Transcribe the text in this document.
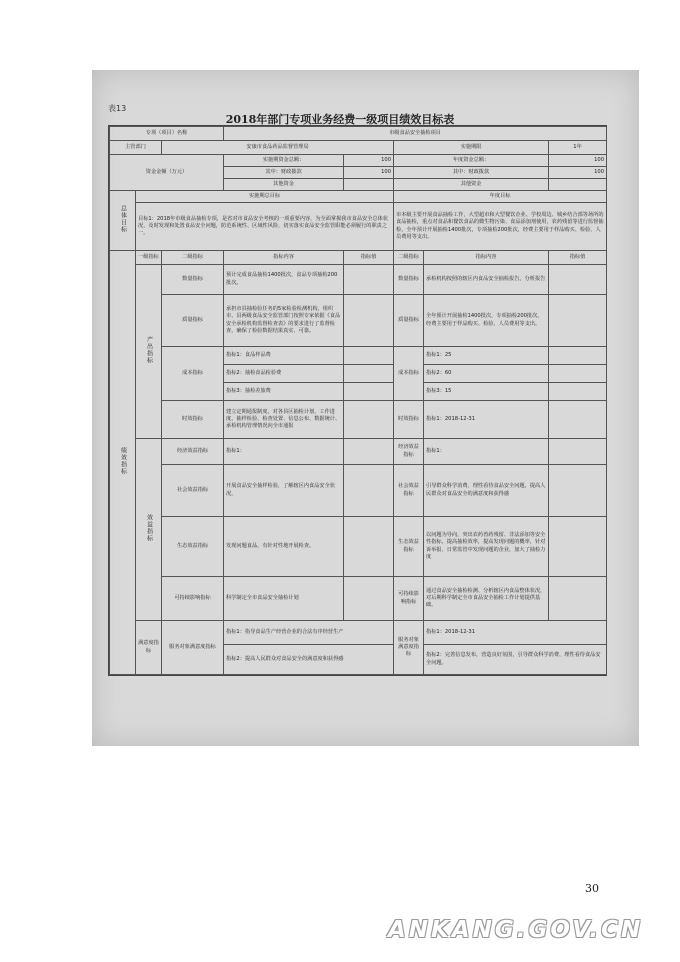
表13
2018年部门专项业务经费一级项目绩效目标表
专项（项目）名称			市级食品安全抽检项目				
主管部门		安康市食品药品监督管理局			实施期限		1年
资金金额（万元）			实施期资金总额：	100	年度资金总额：		100
			其中：财政拨款	100	其中：财政拨款		100
			其他资金		其他资金		
总体目标	实施期总目标				年度目标		
	目标1：2018年市级食品抽检专项，是省对市食品安全考核的一项重要内容，为全面掌握我市食品安全总体状况，及时发现和处置食品安全问题，防范系统性、区域性风险，切实落实食品安全监管职能必须履行的职责之一。				市本级主要开展食品抽检工作，大型超市和大型餐饮企业、学校周边、城乡结合部等场所的食品抽检，重点对食品和餐饮食品的微生物污染、食品添加剂使用、农药残留等进行监督抽检，全年预计开展抽检1400批次，专项抽检200批次，经费主要用于样品购买、检验、人员费用等支出。		
绩效指标	一级指标	二级指标	指标内容	指标值	二级指标	指标内容	指标值
	产出指标	数量指标	预计完成食品抽检1400批次，食品专项抽检200批次。		数量指标	承检机构按照的辖区内食品安全抽检报告，分析报告	
		质量指标	承担市县抽检验任务的5家检验检测机构，组织市、县两级食品安全监管部门按照专家依据《食品安全承检机构监督检查表》的要求进行了监督检查，确保了检验数据结果真实、可靠。		质量指标	全年预计开展抽检1400批次，专项抽检200批次，经费主要用于样品购买、检验、人员费用等支出。	
		成本指标	指标1：食品样品费		成本指标	指标1：25	
			指标2：抽检食品检验费			指标2：60	
			指标3：抽检差旅费			指标3：15	
		时效指标	建立定期通报制度，对各县区抽检计划、工作进度、抽样检验、检查处置、信息公布、数据统计、承检机构管理情况向全市通报		时效指标	指标1：2018-12-31	
	效益指标	经济效益指标	指标1：		经济效益指标	指标1：	
		社会效益指标	开展食品安全抽样检验，了解辖区内食品安全状况。		社会效益指标	引导群众科学消费、理性看待食品安全问题，提高人民群众对食品安全的满意度和获得感	
		生态效益指标	发现问题食品，有针对性地开展检查。		生态效益指标	以问题为导向，突出农药兽药残留、非法添加等安全性指标，提高抽检效率，提高发现问题的概率，针对诉举报、日常监管中发现问题的企业，加大了抽检力度	
		可持续影响指标	科学制定全市食品安全抽检计划		可持续影响指标	通过食品安全抽检检测、分析辖区内食品整体状况，对后期科学制定全市食品安全抽检工作计划提供基础。	
	满意度指标	服务对象满意度指标	指标1：指导食品生产经营企业的合法有序经营生产		服务对象满意度指标	指标1：2018-12-31	
			指标2：提高人民群众对食品安全的满意度和获得感			指标2：完善信息发布，营造良好氛围，引导群众科学消费、理性看待食品安全问题。	
30
ANKANG.GOV.CN
